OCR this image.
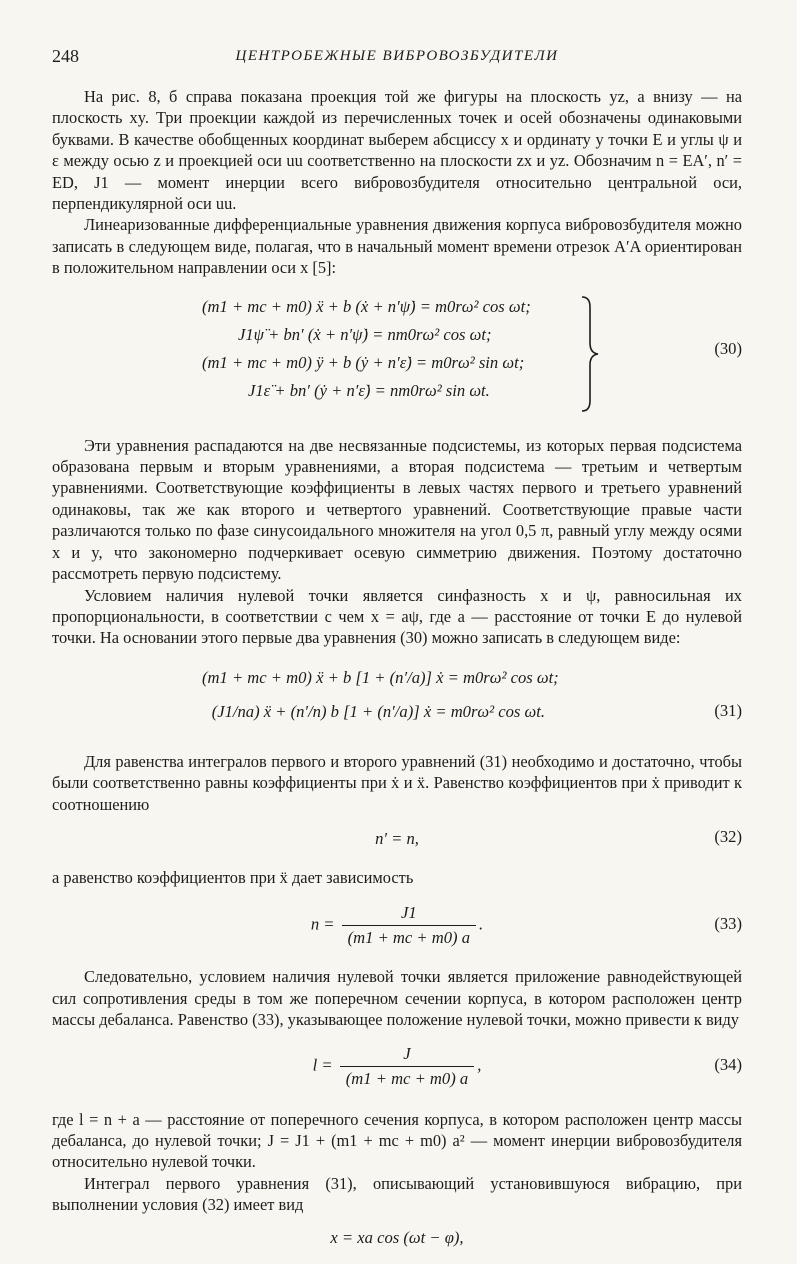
248	ЦЕНТРОБЕЖНЫЕ ВИБРОВОЗБУДИТЕЛИ

На рис. 8, б справа показана проекция той же фигуры на плоскость yz, а внизу — на плоскость xy. Три проекции каждой из перечисленных точек и осей обозначены одинаковыми буквами. В качестве обобщенных координат выберем абсциссу x и ординату y точки E и углы ψ и ε между осью z и проекцией оси uu соответственно на плоскости zx и yz. Обозначим n = EA′, n′ = ED, J1 — момент инерции всего вибровозбудителя относительно центральной оси, перпендикулярной оси uu.

Линеаризованные дифференциальные уравнения движения корпуса вибровозбудителя можно записать в следующем виде, полагая, что в начальный момент времени отрезок A′A ориентирован в положительном направлении оси x [5]:

(m1 + mc + m0) ẍ + b (ẋ + n′ψ̇) = m0rω² cos ωt;
J1ψ̈ + bn′ (ẋ + n′ψ̇) = nm0rω² cos ωt;
(m1 + mc + m0) ÿ + b (ẏ + n′ε̇) = m0rω² sin ωt;
J1ε̈ + bn′ (ẏ + n′ε̇) = nm0rω² sin ωt.
(30)

Эти уравнения распадаются на две несвязанные подсистемы, из которых первая подсистема образована первым и вторым уравнениями, а вторая подсистема — третьим и четвертым уравнениями. Соответствующие коэффициенты в левых частях первого и третьего уравнений одинаковы, так же как второго и четвертого уравнений. Соответствующие правые части различаются только по фазе синусоидального множителя на угол 0,5 π, равный углу между осями x и y, что закономерно подчеркивает осевую симметрию движения. Поэтому достаточно рассмотреть первую подсистему.

Условием наличия нулевой точки является синфазность x и ψ, равносильная их пропорциональности, в соответствии с чем x = aψ, где a — расстояние от точки E до нулевой точки. На основании этого первые два уравнения (30) можно записать в следующем виде:

(m1 + mc + m0) ẍ + b [1 + (n′/a)] ẋ = m0rω² cos ωt;
(J1/na) ẍ + (n′/n) b [1 + (n′/a)] ẋ = m0rω² cos ωt.	(31)

Для равенства интегралов первого и второго уравнений (31) необходимо и достаточно, чтобы были соответственно равны коэффициенты при ẋ и ẍ. Равенство коэффициентов при ẋ приводит к соотношению

n′ = n,	(32)

а равенство коэффициентов при ẍ дает зависимость

$n = \frac{J1}{(m1 + mc + m0) a}$ .	(33)

Следовательно, условием наличия нулевой точки является приложение равнодействующей сил сопротивления среды в том же поперечном сечении корпуса, в котором расположен центр массы дебаланса. Равенство (33), указывающее положение нулевой точки, можно привести к виду

$l = \frac{J}{(m1 + mc + m0) a}$ ,	(34)

где l = n + a — расстояние от поперечного сечения корпуса, в котором расположен центр массы дебаланса, до нулевой точки; J = J1 + (m1 + mc + m0) a² — момент инерции вибровозбудителя относительно нулевой точки.

Интеграл первого уравнения (31), описывающий установившуюся вибрацию, при выполнении условия (32) имеет вид

x = xa cos (ωt − φ),
